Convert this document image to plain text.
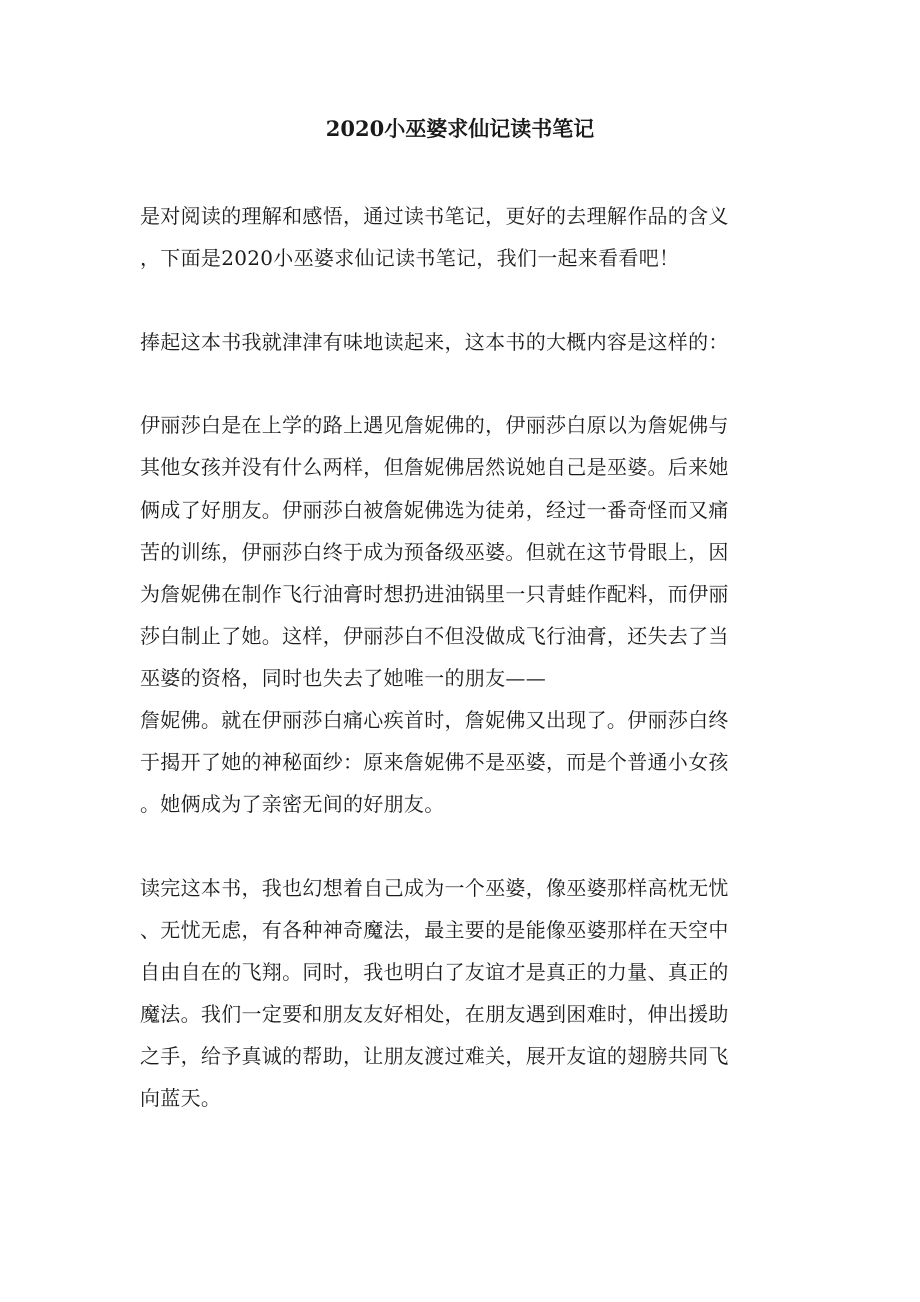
2020小巫婆求仙记读书笔记
是对阅读的理解和感悟，通过读书笔记，更好的去理解作品的含义
，下面是2020小巫婆求仙记读书笔记，我们一起来看看吧！
捧起这本书我就津津有味地读起来，这本书的大概内容是这样的：
伊丽莎白是在上学的路上遇见詹妮佛的，伊丽莎白原以为詹妮佛与
其他女孩并没有什么两样，但詹妮佛居然说她自己是巫婆。后来她
俩成了好朋友。伊丽莎白被詹妮佛选为徒弟，经过一番奇怪而又痛
苦的训练，伊丽莎白终于成为预备级巫婆。但就在这节骨眼上，因
为詹妮佛在制作飞行油膏时想扔进油锅里一只青蛙作配料，而伊丽
莎白制止了她。这样，伊丽莎白不但没做成飞行油膏，还失去了当
巫婆的资格，同时也失去了她唯一的朋友——
詹妮佛。就在伊丽莎白痛心疾首时，詹妮佛又出现了。伊丽莎白终
于揭开了她的神秘面纱：原来詹妮佛不是巫婆，而是个普通小女孩
。她俩成为了亲密无间的好朋友。
读完这本书，我也幻想着自己成为一个巫婆，像巫婆那样高枕无忧
、无忧无虑，有各种神奇魔法，最主要的是能像巫婆那样在天空中
自由自在的飞翔。同时，我也明白了友谊才是真正的力量、真正的
魔法。我们一定要和朋友友好相处，在朋友遇到困难时，伸出援助
之手，给予真诚的帮助，让朋友渡过难关，展开友谊的翅膀共同飞
向蓝天。
